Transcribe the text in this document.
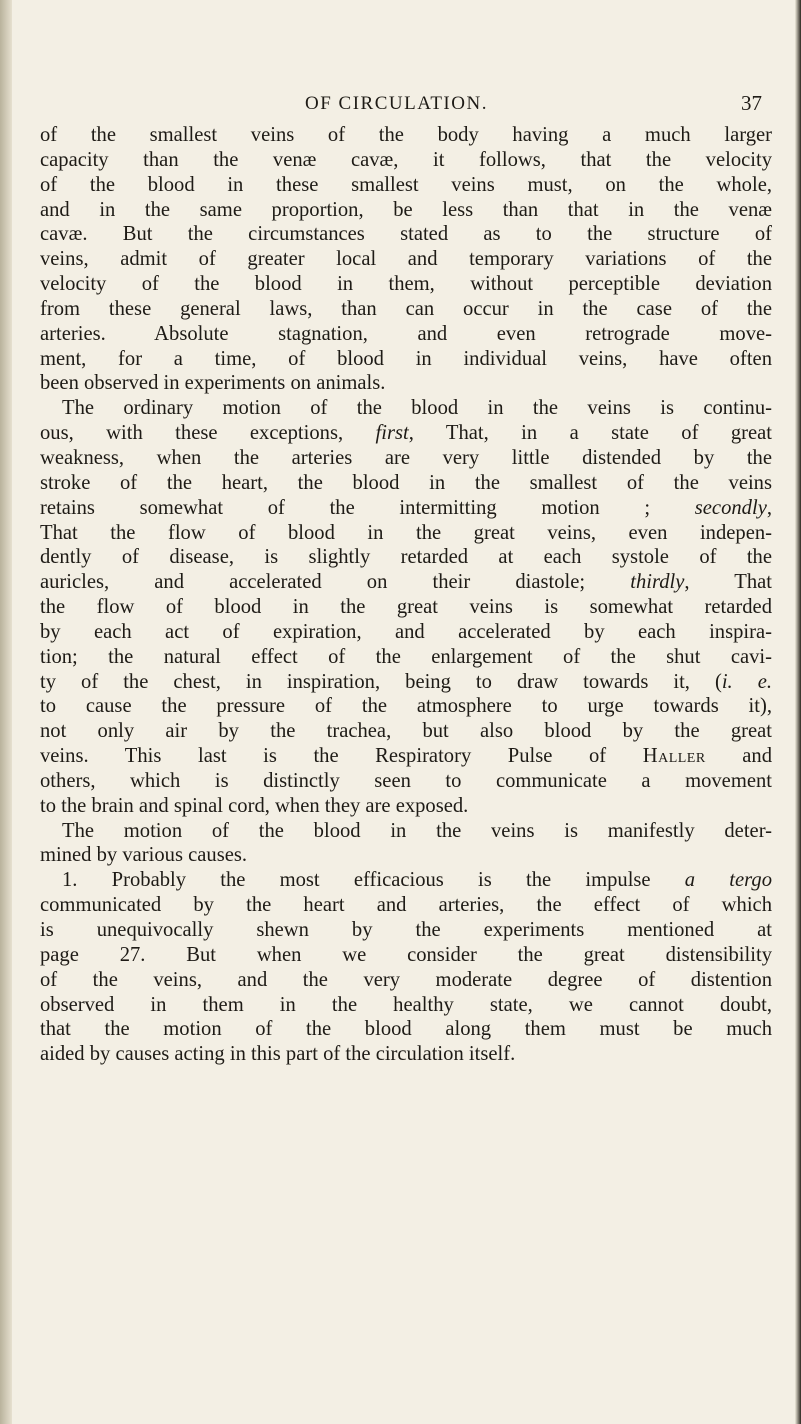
OF CIRCULATION.	37
of the smallest veins of the body having a much larger
capacity than the venæ cavæ, it follows, that the velocity
of the blood in these smallest veins must, on the whole,
and in the same proportion, be less than that in the venæ
cavæ. But the circumstances stated as to the structure of
veins, admit of greater local and temporary variations of the
velocity of the blood in them, without perceptible deviation
from these general laws, than can occur in the case of the
arteries. Absolute stagnation, and even retrograde move-
ment, for a time, of blood in individual veins, have often
been observed in experiments on animals.
The ordinary motion of the blood in the veins is continu-
ous, with these exceptions, first, That, in a state of great
weakness, when the arteries are very little distended by the
stroke of the heart, the blood in the smallest of the veins
retains somewhat of the intermitting motion ; secondly,
That the flow of blood in the great veins, even indepen-
dently of disease, is slightly retarded at each systole of the
auricles, and accelerated on their diastole; thirdly, That
the flow of blood in the great veins is somewhat retarded
by each act of expiration, and accelerated by each inspira-
tion; the natural effect of the enlargement of the shut cavi-
ty of the chest, in inspiration, being to draw towards it, (i. e.
to cause the pressure of the atmosphere to urge towards it),
not only air by the trachea, but also blood by the great
veins. This last is the Respiratory Pulse of Haller and
others, which is distinctly seen to communicate a movement
to the brain and spinal cord, when they are exposed.
The motion of the blood in the veins is manifestly deter-
mined by various causes.
1. Probably the most efficacious is the impulse a tergo
communicated by the heart and arteries, the effect of which
is unequivocally shewn by the experiments mentioned at
page 27. But when we consider the great distensibility
of the veins, and the very moderate degree of distention
observed in them in the healthy state, we cannot doubt,
that the motion of the blood along them must be much
aided by causes acting in this part of the circulation itself.
